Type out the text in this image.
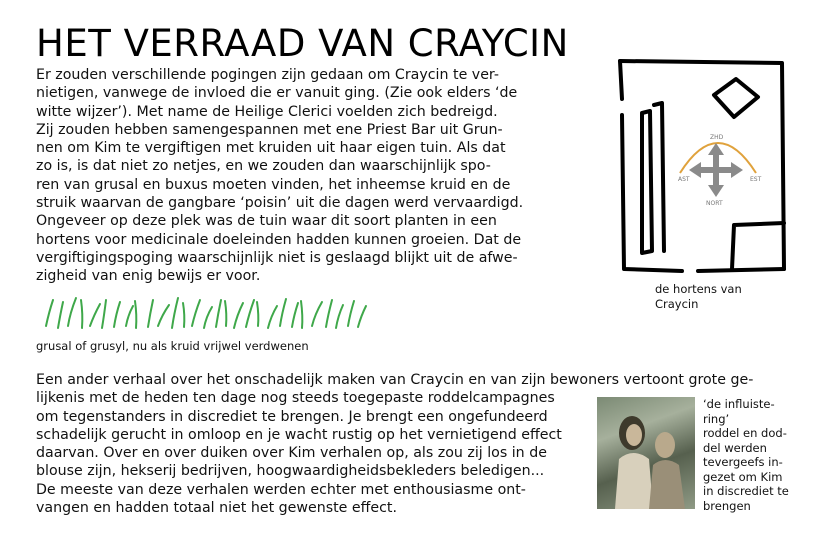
HET VERRAAD VAN CRAYCIN
Er zouden verschillende pogingen zijn gedaan om Craycin te ver-
nietigen, vanwege de invloed die er vanuit ging. (Zie ook elders ‘de
witte wijzer’). Met name de Heilige Clerici voelden zich bedreigd.
Zij zouden hebben samengespannen met ene Priest Bar uit Grun-
nen om Kim te vergiftigen met kruiden uit haar eigen tuin. Als dat
zo is, is dat niet zo netjes, en we zouden dan waarschijnlijk spo-
ren van grusal en buxus moeten vinden, het inheemse kruid en de
struik waarvan de gangbare ‘poisin’ uit die dagen werd vervaardigd.
Ongeveer op deze plek was de tuin waar dit soort planten in een
hortens voor medicinale doeleinden hadden kunnen groeien. Dat de
vergiftigingspoging waarschijnlijk niet is geslaagd blijkt uit de afwe-
zigheid van enig bewijs er voor.
grusal of grusyl, nu als kruid vrijwel verdwenen
ZHD
AST	EST
NORT
de hortens van
Craycin
Een ander verhaal over het onschadelijk maken van Craycin en van zijn bewoners vertoont grote ge-
lijkenis met de heden ten dage nog steeds toegepaste roddelcampagnes
om tegenstanders in discrediet te brengen. Je brengt een ongefundeerd
schadelijk gerucht in omloop en je wacht rustig op het vernietigend effect
daarvan. Over en over duiken over Kim verhalen op, als zou zij los in de
blouse zijn, hekserij bedrijven, hoogwaardigheidsbekleders beledigen...
De meeste van deze verhalen werden echter met enthousiasme ont-
vangen en hadden totaal niet het gewenste effect.
‘de influiste-
ring’
roddel en dod-
del werden
tevergeefs in-
gezet om Kim
in discrediet te
brengen
